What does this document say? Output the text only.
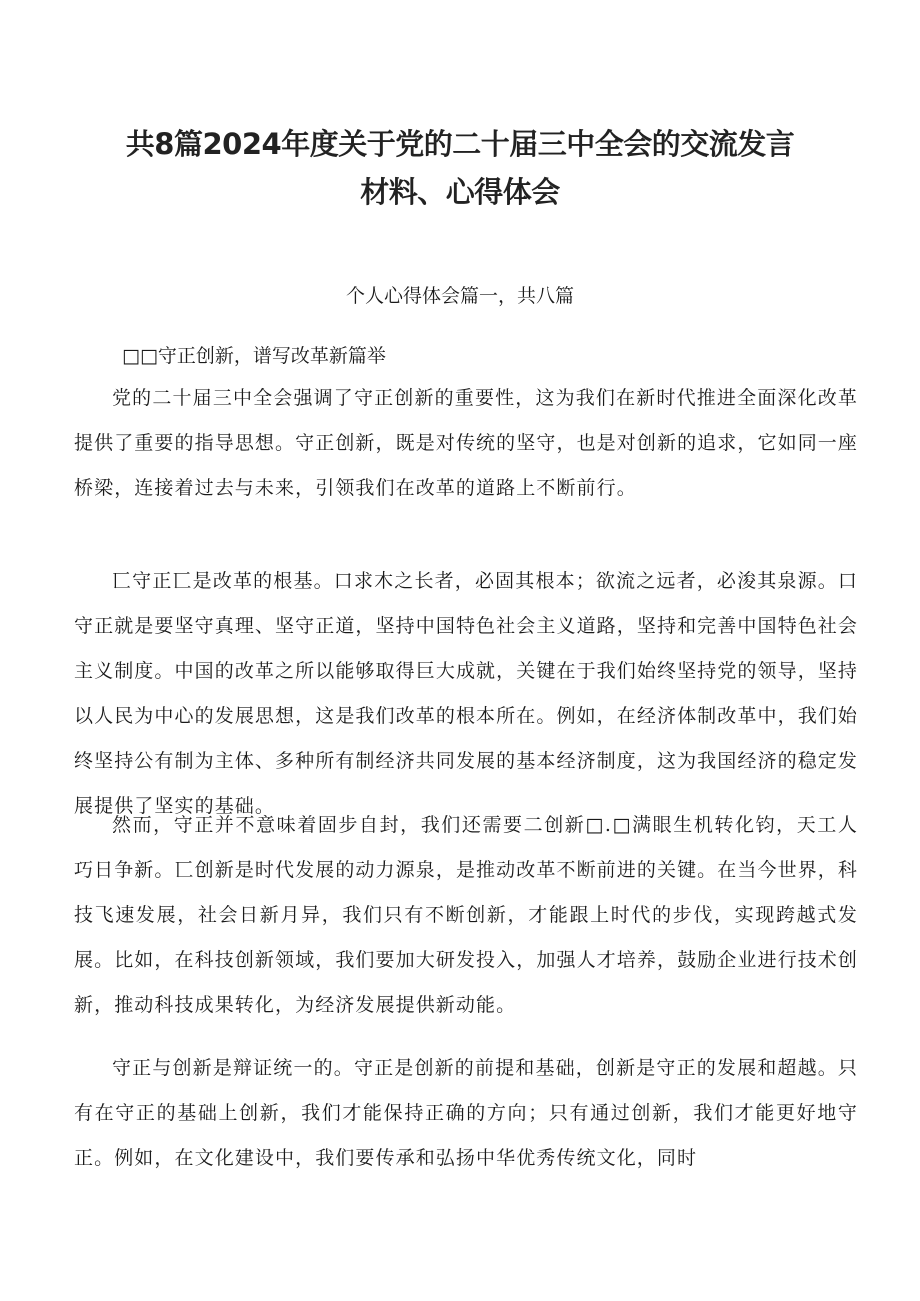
共8篇2024年度关于党的二十届三中全会的交流发言
材料、心得体会
个人心得体会篇一，共八篇
□□守正创新，谱写改革新篇举

党的二十届三中全会强调了守正创新的重要性，这为我们在新时代推进全面深化改革提供了重要的指导思想。守正创新，既是对传统的坚守，也是对创新的追求，它如同一座桥梁，连接着过去与未来，引领我们在改革的道路上不断前行。

匸守正匸是改革的根基。口求木之长者，必固其根本；欲流之远者，必浚其泉源。口守正就是要坚守真理、坚守正道，坚持中国特色社会主义道路，坚持和完善中国特色社会主义制度。中国的改革之所以能够取得巨大成就，关键在于我们始终坚持党的领导，坚持以人民为中心的发展思想，这是我们改革的根本所在。例如，在经济体制改革中，我们始终坚持公有制为主体、多种所有制经济共同发展的基本经济制度，这为我国经济的稳定发展提供了坚实的基础。

然而，守正并不意味着固步自封，我们还需要二创新□.□满眼生机转化钧，天工人巧日争新。匸创新是时代发展的动力源泉，是推动改革不断前进的关键。在当今世界，科技飞速发展，社会日新月异，我们只有不断创新，才能跟上时代的步伐，实现跨越式发展。比如，在科技创新领域，我们要加大研发投入，加强人才培养，鼓励企业进行技术创新，推动科技成果转化，为经济发展提供新动能。

守正与创新是辩证统一的。守正是创新的前提和基础，创新是守正的发展和超越。只有在守正的基础上创新，我们才能保持正确的方向；只有通过创新，我们才能更好地守正。例如，在文化建设中，我们要传承和弘扬中华优秀传统文化，同时
